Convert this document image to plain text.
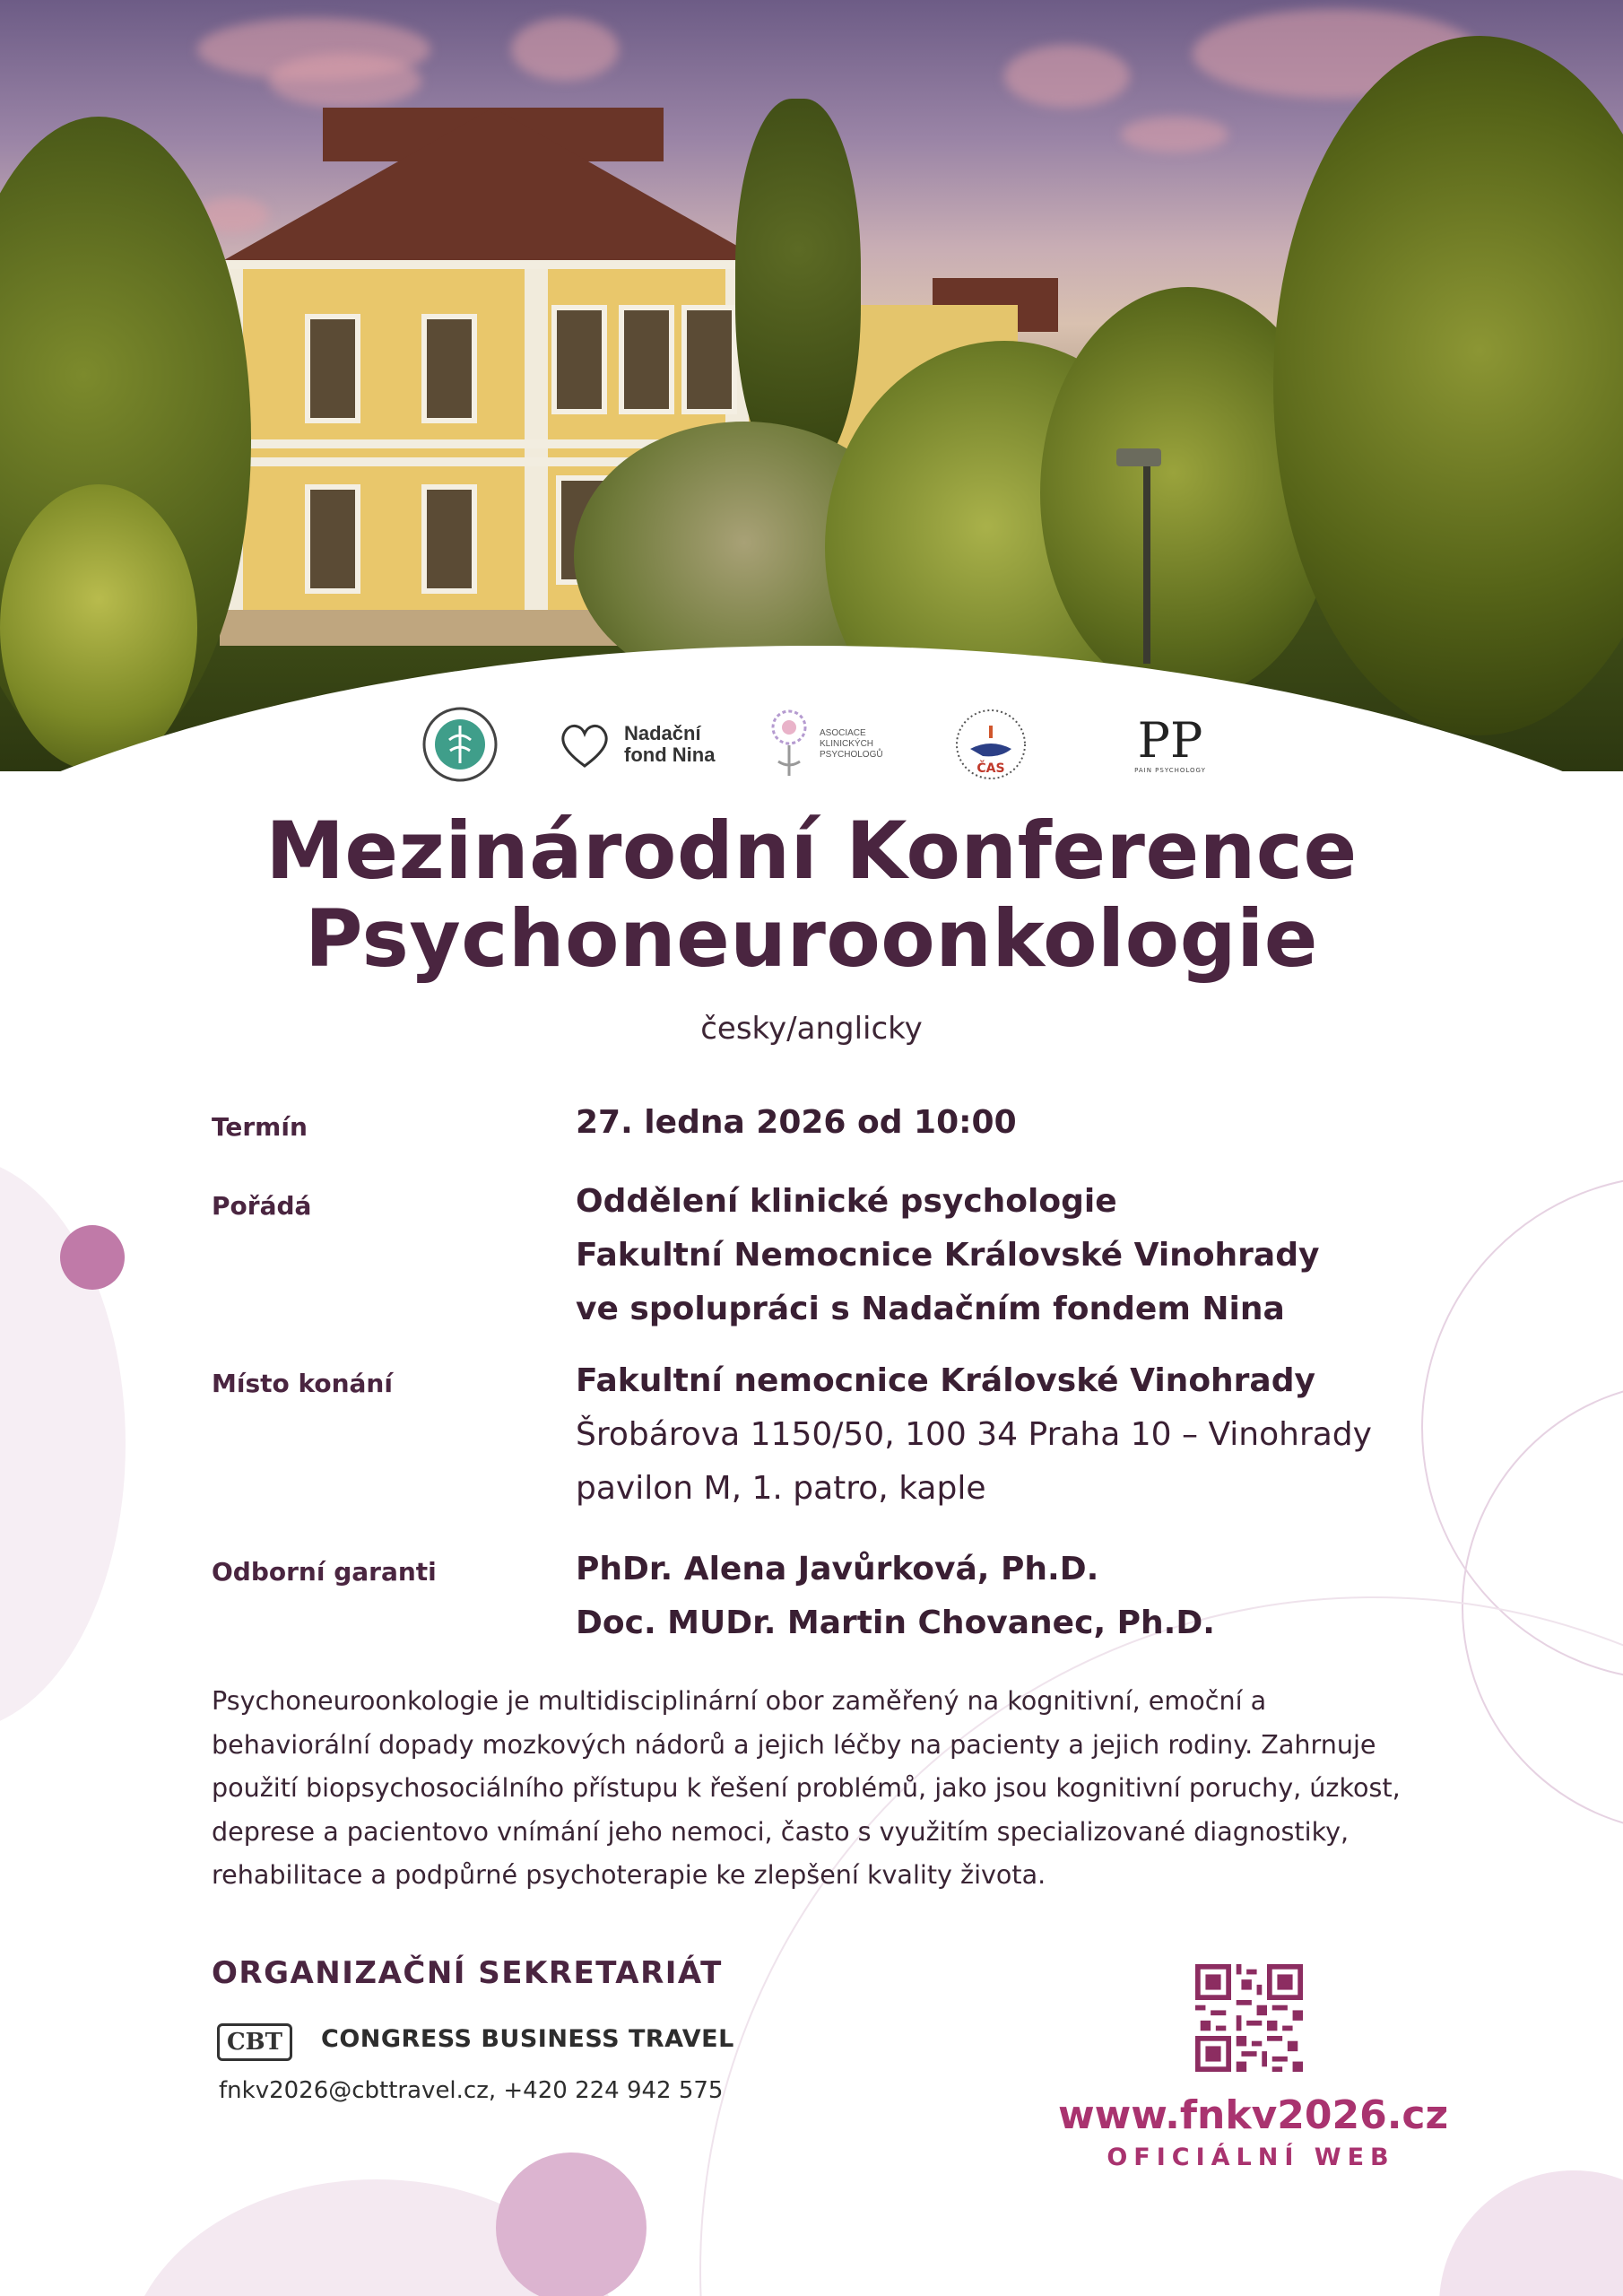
Nadační
fond Nina
ASOCIACE
KLINICKÝCH
PSYCHOLOGŮ
ČAS	PP
PAIN PSYCHOLOGY
Mezinárodní Konference
Psychoneuroonkologie
česky/anglicky
Termín	27. ledna 2026 od 10:00
Pořádá	Oddělení klinické psychologie
Fakultní Nemocnice Královské Vinohrady
ve spolupráci s Nadačním fondem Nina
Místo konání	Fakultní nemocnice Královské Vinohrady
Šrobárova 1150/50, 100 34 Praha 10 – Vinohrady
pavilon M, 1. patro, kaple
Odborní garanti	PhDr. Alena Javůrková, Ph.D.
Doc. MUDr. Martin Chovanec, Ph.D.
Psychoneuroonkologie je multidisciplinární obor zaměřený na kognitivní, emoční a behaviorální dopady mozkových nádorů a jejich léčby na pacienty a jejich rodiny. Zahrnuje použití biopsychosociálního přístupu k řešení problémů, jako jsou kognitivní poruchy, úzkost, deprese a pacientovo vnímání jeho nemoci, často s využitím specializované diagnostiky, rehabilitace a podpůrné psychoterapie ke zlepšení kvality života.
ORGANIZAČNÍ SEKRETARIÁT
CBT	CONGRESS BUSINESS TRAVEL
fnkv2026@cbttravel.cz, +420 224 942 575
www.fnkv2026.cz
OFICIÁLNÍ WEB
